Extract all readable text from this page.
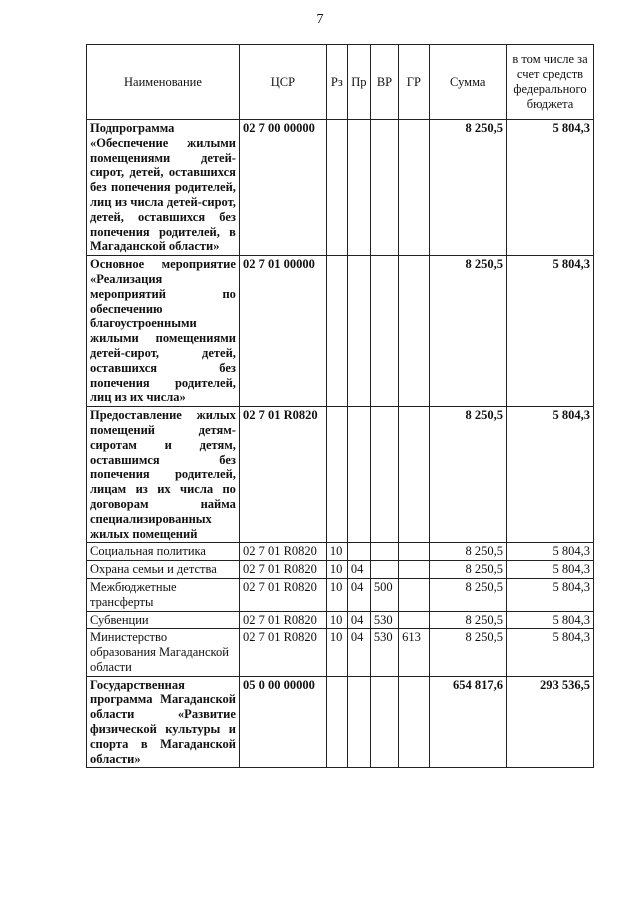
7
Наименование	ЦСР	Рз	Пр	ВР	ГР	Сумма	в том числе за счет средств федерального бюджета
Подпрограмма «Обеспечение жилыми помещениями детей-сирот, детей, оставшихся без попечения родителей, лиц из числа детей-сирот, детей, оставшихся без попечения родителей, в Магаданской области»	02 7 00 00000					8 250,5	5 804,3
Основное мероприятие «Реализация мероприятий по обеспечению благоустроенными жилыми помещениями детей-сирот, детей, оставшихся без попечения родителей, лиц из их числа»	02 7 01 00000					8 250,5	5 804,3
Предоставление жилых помещений детям-сиротам и детям, оставшимся без попечения родителей, лицам из их числа по договорам найма специализированных жилых помещений	02 7 01 R0820					8 250,5	5 804,3
Социальная политика	02 7 01 R0820	10				8 250,5	5 804,3
Охрана семьи и детства	02 7 01 R0820	10	04			8 250,5	5 804,3
Межбюджетные трансферты	02 7 01 R0820	10	04	500		8 250,5	5 804,3
Субвенции	02 7 01 R0820	10	04	530		8 250,5	5 804,3
Министерство образования Магаданской области	02 7 01 R0820	10	04	530	613	8 250,5	5 804,3
Государственная программа Магаданской области «Развитие физической культуры и спорта в Магаданской области»	05 0 00 00000					654 817,6	293 536,5
